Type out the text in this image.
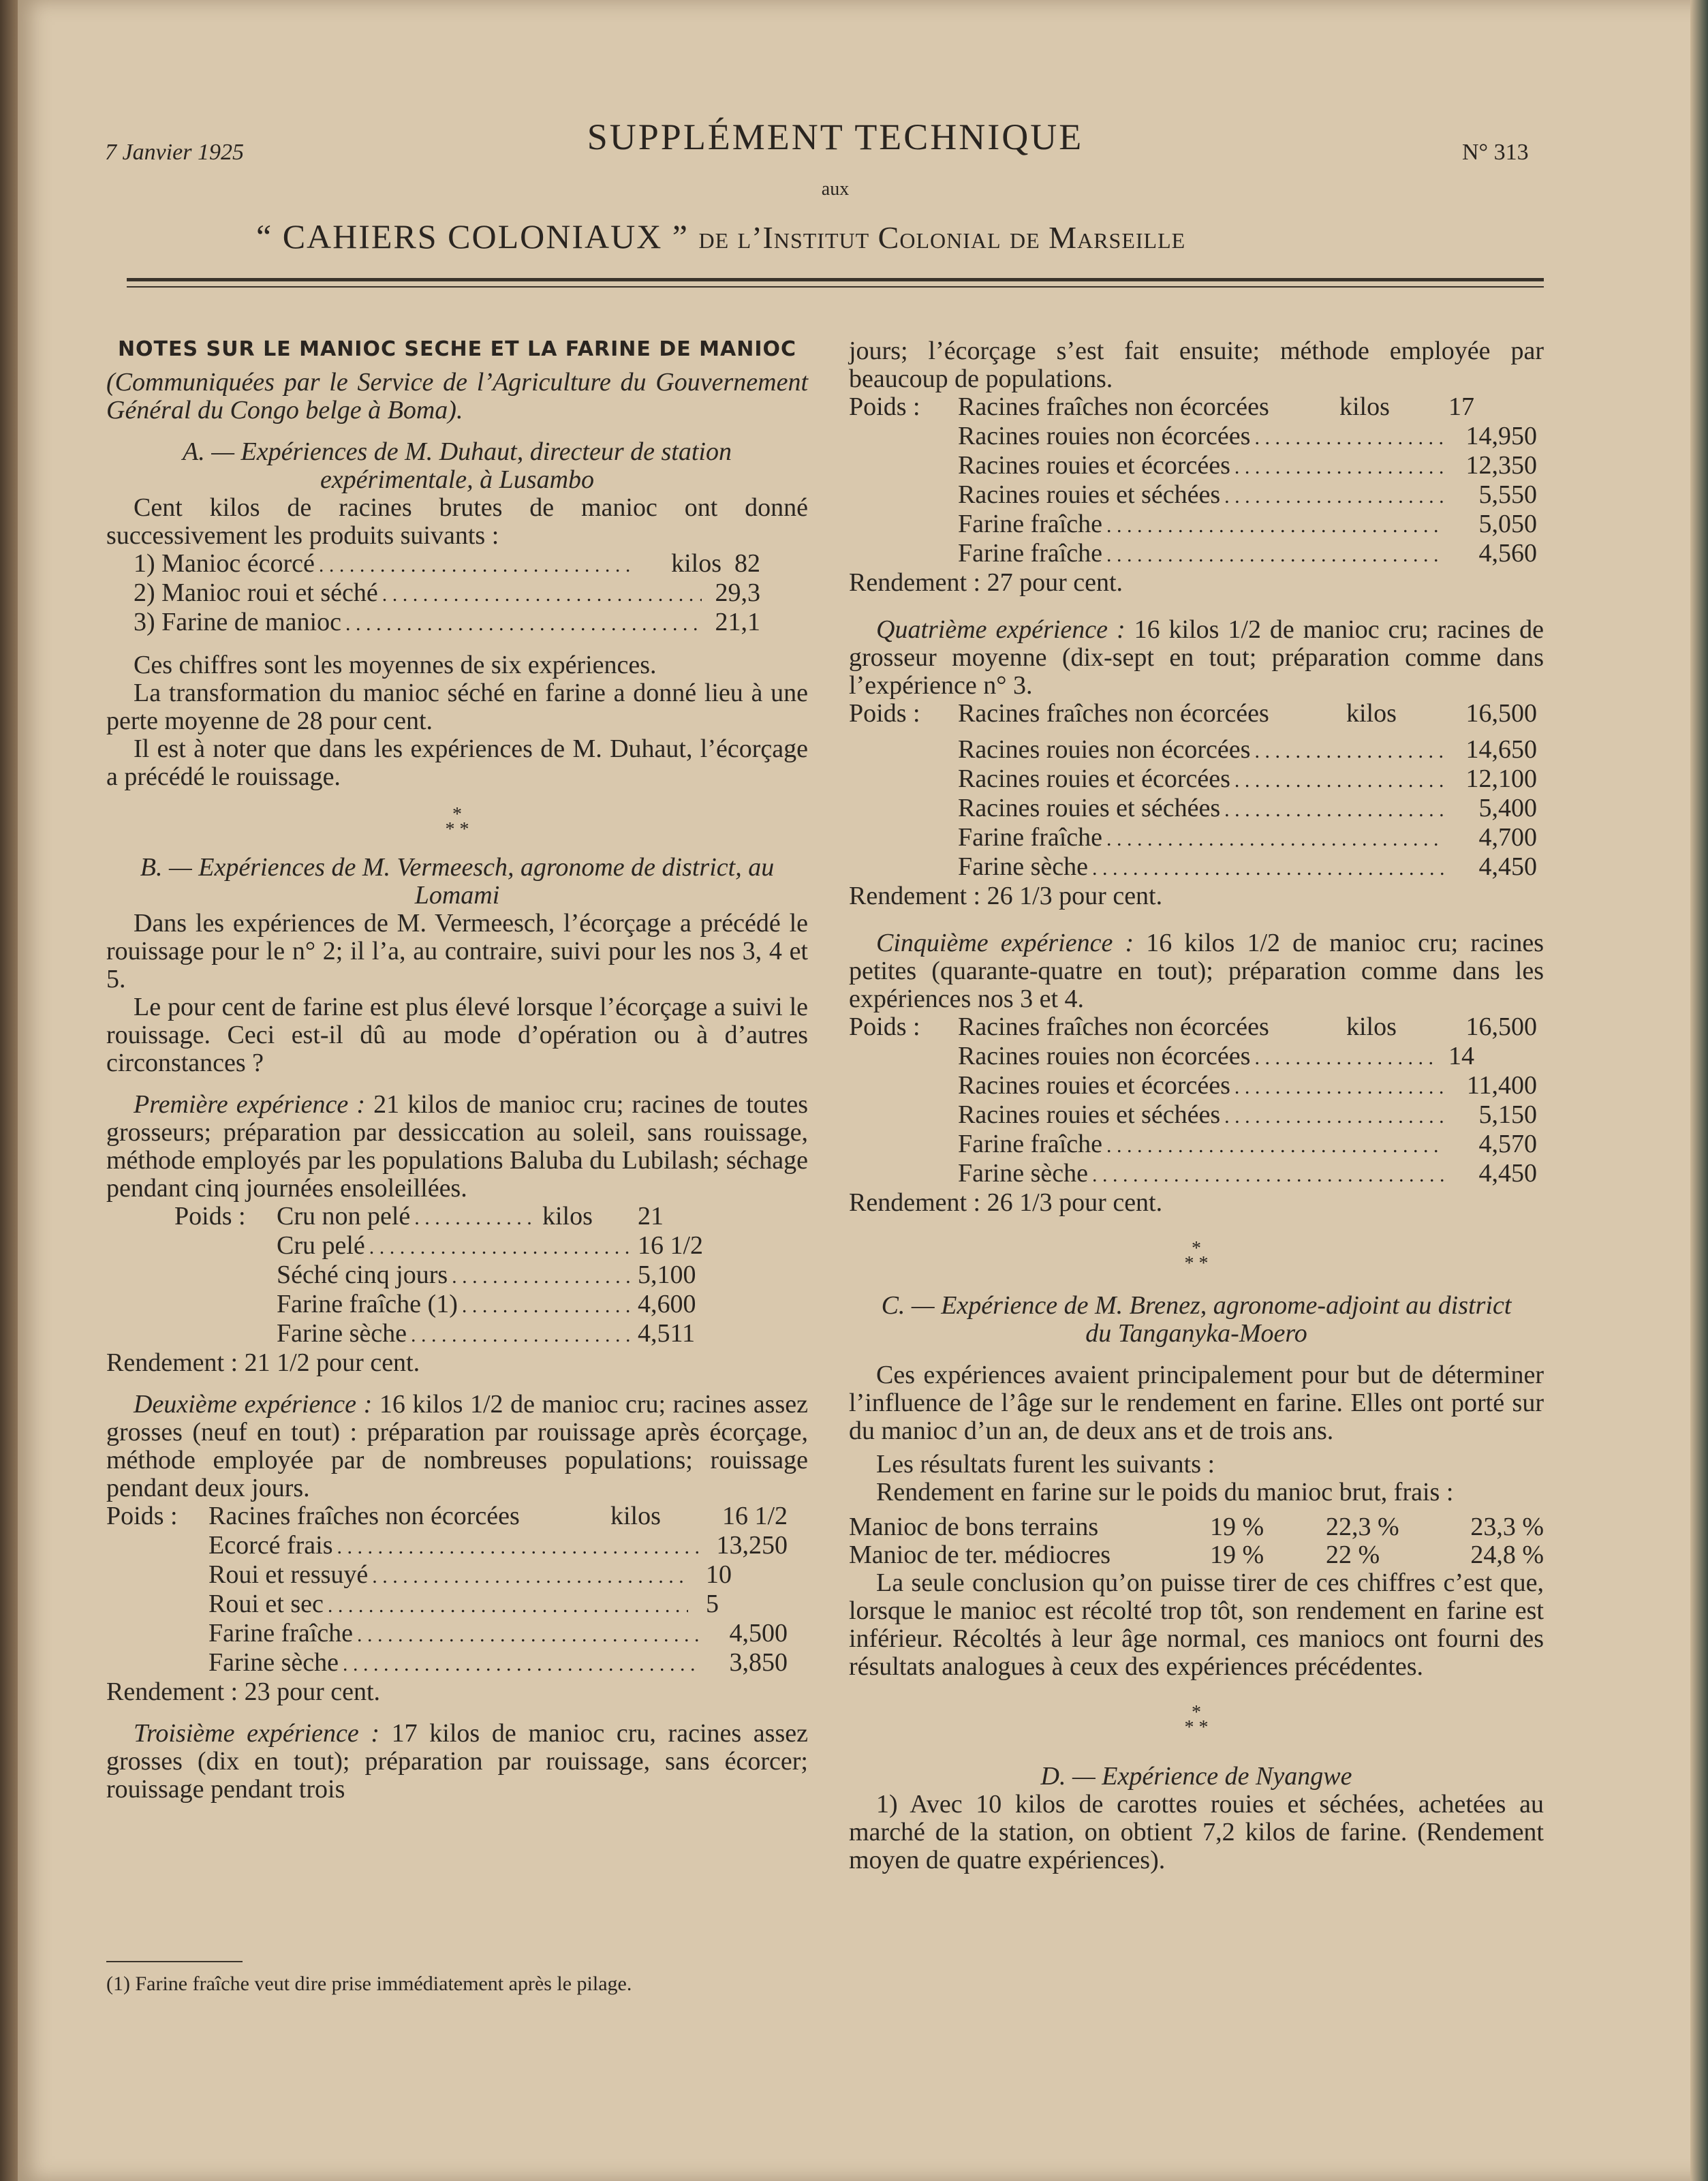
7 Janvier 1925	SUPPLÉMENT TECHNIQUE	N° 313
aux
“ CAHIERS COLONIAUX ” de l’Institut Colonial de Marseille
NOTES SUR LE MANIOC SECHE ET LA FARINE DE MANIOC

(Communiquées par le Service de l’Agriculture du Gouvernement Général du Congo belge à Boma).

A. — Expériences de M. Duhaut, directeur de station expérimentale, à Lusambo

Cent kilos de racines brutes de manioc ont donné successivement les produits suivants :

1) Manioc écorcé . . .	kilos 82
2) Manioc roui et séché . . .	29,3
3) Farine de manioc . . .	21,1

Ces chiffres sont les moyennes de six expériences.

La transformation du manioc séché en farine a donné lieu à une perte moyenne de 28 pour cent.

Il est à noter que dans les expériences de M. Duhaut, l’écorçage a précédé le rouissage.

*
* *

B. — Expériences de M. Vermeesch, agronome de district, au Lomami

Dans les expériences de M. Vermeesch, l’écorçage a précédé le rouissage pour le n° 2; il l’a, au contraire, suivi pour les nos 3, 4 et 5.

Le pour cent de farine est plus élevé lorsque l’écorçage a suivi le rouissage. Ceci est-il dû au mode d’opération ou à d’autres circonstances ?

Première expérience : 21 kilos de manioc cru; racines de toutes grosseurs; préparation par dessiccation au soleil, sans rouissage, méthode employés par les populations Baluba du Lubilash; séchage pendant cinq journées ensoleillées.

Poids :	Cru non pelé . . .	kilos	21
Cru pelé . . .	16 1/2
Séché cinq jours . . .	5,100
Farine fraîche (1) . . .	4,600
Farine sèche . . .	4,511

Rendement : 21 1/2 pour cent.

Deuxième expérience : 16 kilos 1/2 de manioc cru; racines assez grosses (neuf en tout) : préparation par rouissage après écorçage, méthode employée par de nombreuses populations; rouissage pendant deux jours.

Poids :	Racines fraîches non écorcées	kilos	16 1/2
Ecorcé frais . . .	13,250
Roui et ressuyé . . .	10
Roui et sec . . .	5
Farine fraîche . . .	4,500
Farine sèche . . .	3,850

Rendement : 23 pour cent.

Troisième expérience : 17 kilos de manioc cru, racines assez grosses (dix en tout); préparation par rouissage, sans écorcer; rouissage pendant trois

(1) Farine fraîche veut dire prise immédiatement après le pilage.

jours; l’écorçage s’est fait ensuite; méthode employée par beaucoup de populations.

Poids :	Racines fraîches non écorcées	kilos	17
Racines rouies non écorcées . . .	14,950
Racines rouies et écorcées . . .	12,350
Racines rouies et séchées . . .	5,550
Farine fraîche . . .	5,050
Farine fraîche . . .	4,560

Rendement : 27 pour cent.

Quatrième expérience : 16 kilos 1/2 de manioc cru; racines de grosseur moyenne (dix-sept en tout; préparation comme dans l’expérience n° 3.

Poids :	Racines fraîches non écorcées	kilos	16,500
Racines rouies non écorcées . . .	14,650
Racines rouies et écorcées . . .	12,100
Racines rouies et séchées . . .	5,400
Farine fraîche . . .	4,700
Farine sèche . . .	4,450

Rendement : 26 1/3 pour cent.

Cinquième expérience : 16 kilos 1/2 de manioc cru; racines petites (quarante-quatre en tout); préparation comme dans les expériences nos 3 et 4.

Poids :	Racines fraîches non écorcées	kilos	16,500
Racines rouies non écorcées . . .	14
Racines rouies et écorcées . . .	11,400
Racines rouies et séchées . . .	5,150
Farine fraîche . . .	4,570
Farine sèche . . .	4,450

Rendement : 26 1/3 pour cent.

*
* *

C. — Expérience de M. Brenez, agronome-adjoint au district du Tanganyka-Moero

Ces expériences avaient principalement pour but de déterminer l’influence de l’âge sur le rendement en farine. Elles ont porté sur du manioc d’un an, de deux ans et de trois ans.

Les résultats furent les suivants :

Rendement en farine sur le poids du manioc brut, frais :

Manioc de bons terrains	19 %	22,3 %	23,3 %
Manioc de ter. médiocres	19 %	22 %	24,8 %

La seule conclusion qu’on puisse tirer de ces chiffres c’est que, lorsque le manioc est récolté trop tôt, son rendement en farine est inférieur. Récoltés à leur âge normal, ces maniocs ont fourni des résultats analogues à ceux des expériences précédentes.

*
* *

D. — Expérience de Nyangwe

1) Avec 10 kilos de carottes rouies et séchées, achetées au marché de la station, on obtient 7,2 kilos de farine. (Rendement moyen de quatre expériences).
